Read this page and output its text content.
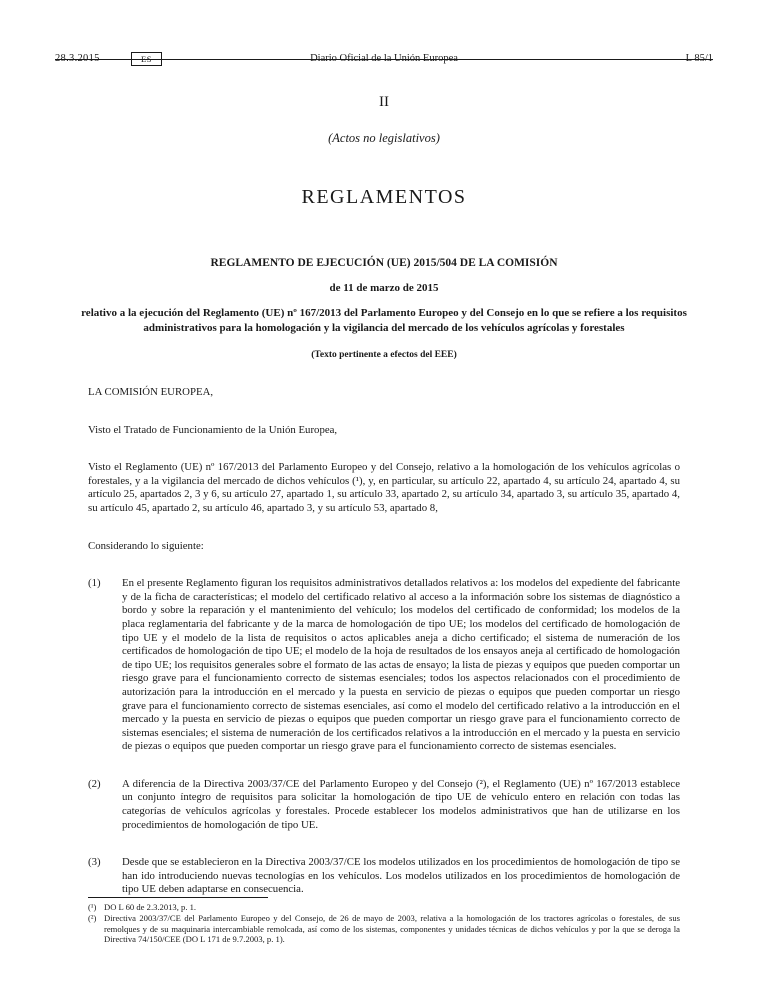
28.3.2015	ES	Diario Oficial de la Unión Europea	L 85/1
II
(Actos no legislativos)
REGLAMENTOS
REGLAMENTO DE EJECUCIÓN (UE) 2015/504 DE LA COMISIÓN
de 11 de marzo de 2015
relativo a la ejecución del Reglamento (UE) nº 167/2013 del Parlamento Europeo y del Consejo en lo que se refiere a los requisitos administrativos para la homologación y la vigilancia del mercado de los vehículos agrícolas y forestales
(Texto pertinente a efectos del EEE)

LA COMISIÓN EUROPEA,

Visto el Tratado de Funcionamiento de la Unión Europea,

Visto el Reglamento (UE) nº 167/2013 del Parlamento Europeo y del Consejo, relativo a la homologación de los vehículos agrícolas o forestales, y a la vigilancia del mercado de dichos vehículos (¹), y, en particular, su artículo 22, apartado 4, su artículo 24, apartado 4, su artículo 25, apartados 2, 3 y 6, su artículo 27, apartado 1, su artículo 33, apartado 2, su artículo 34, apartado 3, su artículo 35, apartado 4, su artículo 45, apartado 2, su artículo 46, apartado 3, y su artículo 53, apartado 8,

Considerando lo siguiente:

(1)	En el presente Reglamento figuran los requisitos administrativos detallados relativos a: los modelos del expediente del fabricante y de la ficha de características; el modelo del certificado relativo al acceso a la información sobre los sistemas de diagnóstico a bordo y sobre la reparación y el mantenimiento del vehículo; los modelos del certificado de conformidad; los modelos de la placa reglamentaria del fabricante y de la marca de homologación de tipo UE; los modelos del certificado de homologación de tipo UE y el modelo de la lista de requisitos o actos aplicables aneja a dicho certificado; el sistema de numeración de los certificados de homologación de tipo UE; el modelo de la hoja de resultados de los ensayos aneja al certificado de homologación de tipo UE; los requisitos generales sobre el formato de las actas de ensayo; la lista de piezas y equipos que pueden comportar un riesgo grave para el funcionamiento correcto de sistemas esenciales; todos los aspectos relacionados con el procedimiento de autorización para la introducción en el mercado y la puesta en servicio de piezas o equipos que pueden comportar un riesgo grave para el funcionamiento correcto de sistemas esenciales, así como el modelo del certificado relativo a la introducción en el mercado y la puesta en servicio de piezas o equipos que pueden comportar un riesgo grave para el funcionamiento correcto de sistemas esenciales; el sistema de numeración de los certificados relativos a la introducción en el mercado y la puesta en servicio de piezas o equipos que pueden comportar un riesgo grave para el funcionamiento correcto de sistemas esenciales.

(2)	A diferencia de la Directiva 2003/37/CE del Parlamento Europeo y del Consejo (²), el Reglamento (UE) nº 167/2013 establece un conjunto íntegro de requisitos para solicitar la homologación de tipo UE de vehículo entero en relación con todas las categorías de vehículos agrícolas y forestales. Procede establecer los modelos administrativos que han de utilizarse en los procedimientos de homologación de tipo UE.

(3)	Desde que se establecieron en la Directiva 2003/37/CE los modelos utilizados en los procedimientos de homologación de tipo se han ido introduciendo nuevas tecnologías en los vehículos. Los modelos utilizados en los procedimientos de homologación de tipo UE deben adaptarse en consecuencia.

(¹) DO L 60 de 2.3.2013, p. 1.

(²) Directiva 2003/37/CE del Parlamento Europeo y del Consejo, de 26 de mayo de 2003, relativa a la homologación de los tractores agrícolas o forestales, de sus remolques y de su maquinaria intercambiable remolcada, así como de los sistemas, componentes y unidades técnicas de dichos vehículos y por la que se deroga la Directiva 74/150/CEE (DO L 171 de 9.7.2003, p. 1).
